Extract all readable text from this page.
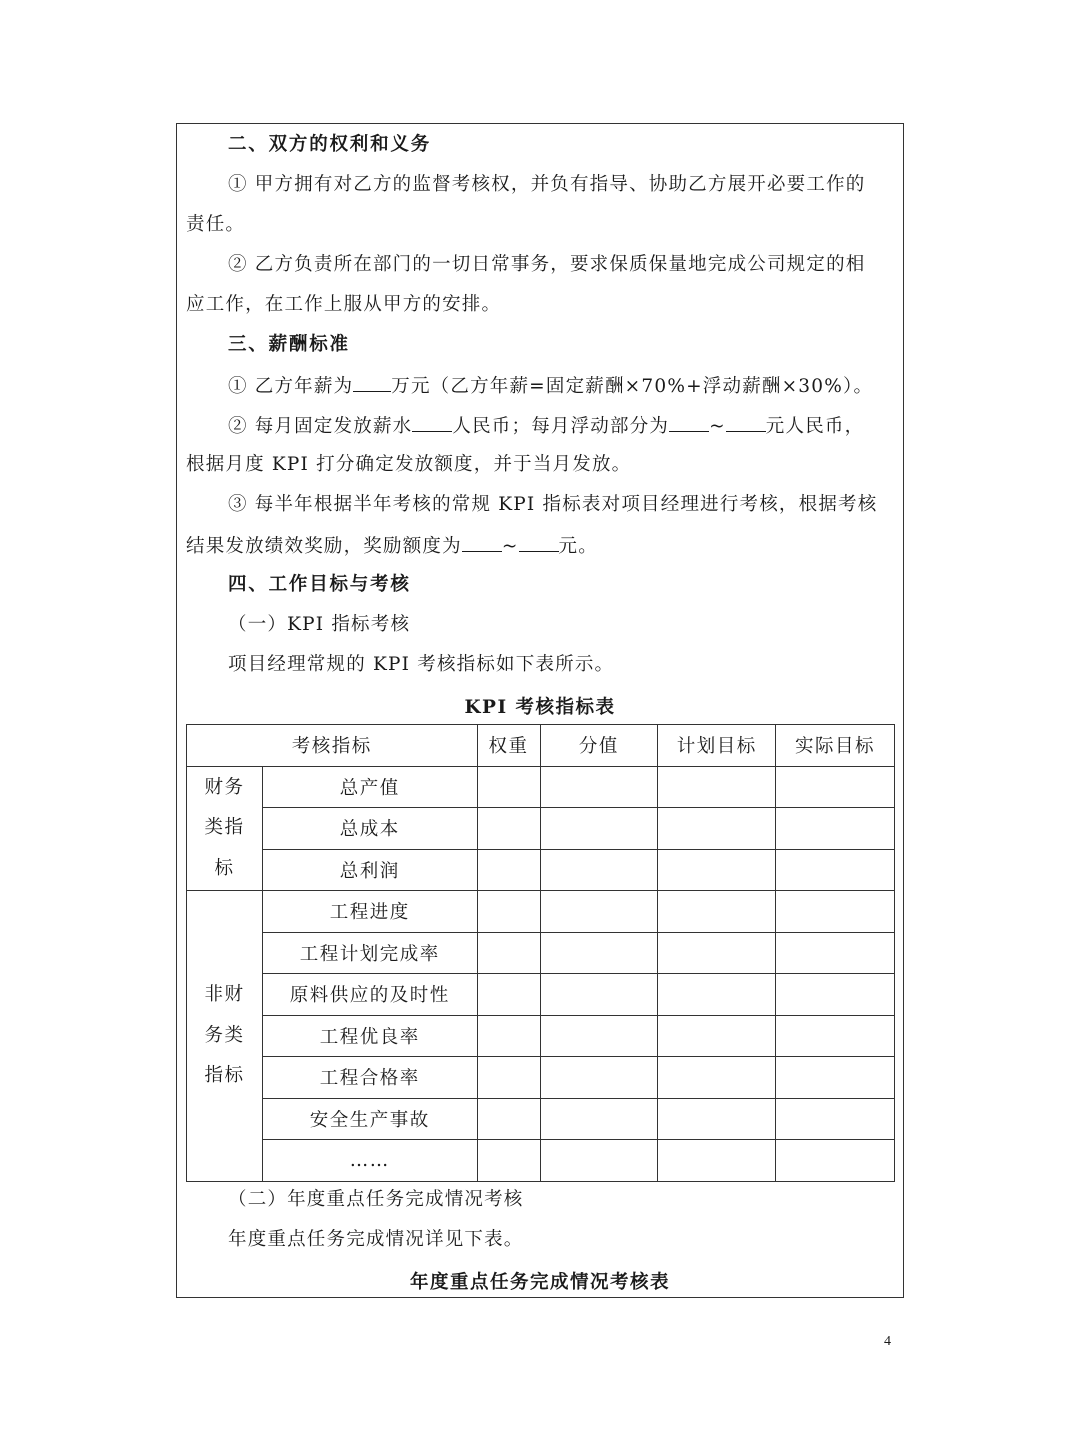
二、双方的权利和义务
① 甲方拥有对乙方的监督考核权，并负有指导、协助乙方展开必要工作的
责任。
② 乙方负责所在部门的一切日常事务，要求保质保量地完成公司规定的相
应工作，在工作上服从甲方的安排。
三、薪酬标准
① 乙方年薪为 万元（乙方年薪=固定薪酬×70%+浮动薪酬×30%）。
② 每月固定发放薪水 人民币；每月浮动部分为 ~ 元人民币，
根据月度 KPI 打分确定发放额度，并于当月发放。
③ 每半年根据半年考核的常规 KPI 指标表对项目经理进行考核，根据考核
结果发放绩效奖励，奖励额度为 ~ 元。
四、工作目标与考核
（一）KPI 指标考核
项目经理常规的 KPI 考核指标如下表所示。
KPI 考核指标表
考核指标		权重	分值	计划目标	实际目标

财务
类指
标	总产值				
	总成本				
	总利润				

非财
务类
指标	工程进度				
	工程计划完成率				
	原料供应的及时性				
	工程优良率				
	工程合格率				
	安全生产事故				
	……				
（二）年度重点任务完成情况考核
年度重点任务完成情况详见下表。
年度重点任务完成情况考核表
4
